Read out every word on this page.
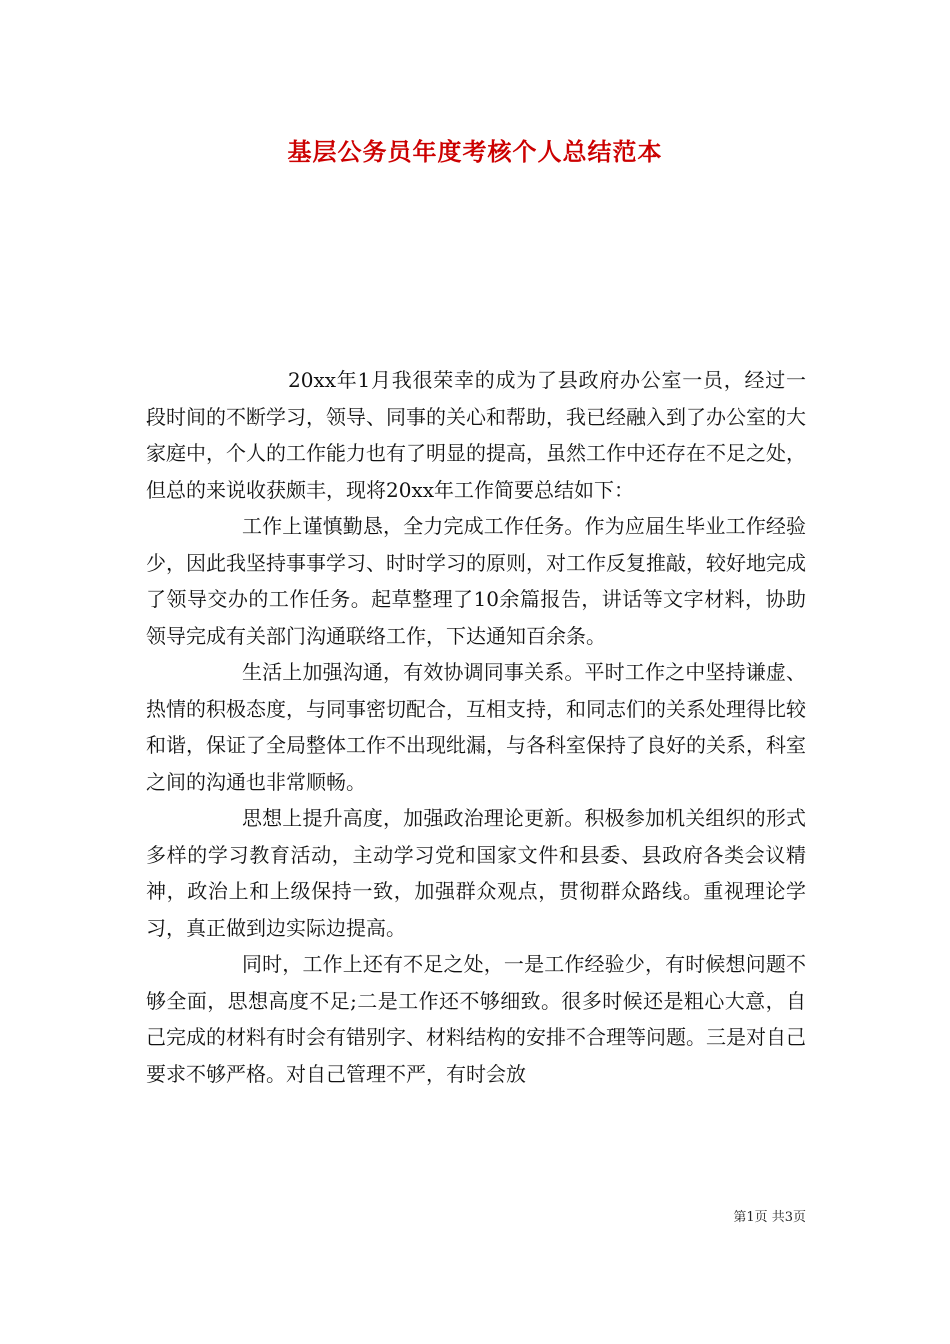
基层公务员年度考核个人总结范本

20xx年1月我很荣幸的成为了县政府办公室一员，经过一段时间的不断学习，领导、同事的关心和帮助，我已经融入到了办公室的大家庭中，个人的工作能力也有了明显的提高，虽然工作中还存在不足之处，但总的来说收获颇丰，现将20xx年工作简要总结如下：

工作上谨慎勤恳，全力完成工作任务。作为应届生毕业工作经验少，因此我坚持事事学习、时时学习的原则，对工作反复推敲，较好地完成了领导交办的工作任务。起草整理了10余篇报告，讲话等文字材料，协助领导完成有关部门沟通联络工作，下达通知百余条。

生活上加强沟通，有效协调同事关系。平时工作之中坚持谦虚、热情的积极态度，与同事密切配合，互相支持，和同志们的关系处理得比较和谐，保证了全局整体工作不出现纰漏，与各科室保持了良好的关系，科室之间的沟通也非常顺畅。

思想上提升高度，加强政治理论更新。积极参加机关组织的形式多样的学习教育活动，主动学习党和国家文件和县委、县政府各类会议精神，政治上和上级保持一致，加强群众观点，贯彻群众路线。重视理论学习，真正做到边实际边提高。

同时，工作上还有不足之处，一是工作经验少，有时候想问题不够全面，思想高度不足;二是工作还不够细致。很多时候还是粗心大意，自己完成的材料有时会有错别字、材料结构的安排不合理等问题。三是对自己要求不够严格。对自己管理不严，有时会放

第1页 共3页
